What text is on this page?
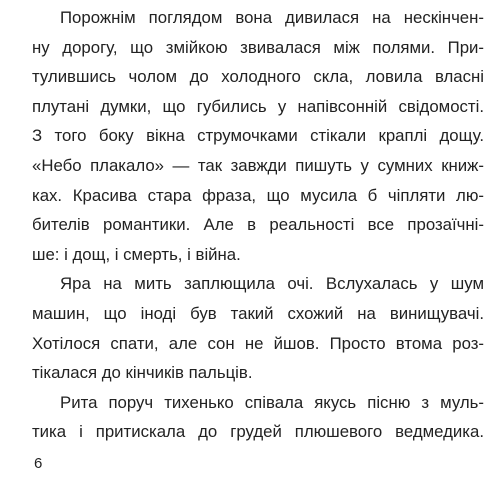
Порожнім поглядом вона дивилася на нескінчен-
ну дорогу, що змійкою звивалася між полями. При-
тулившись чолом до холодного скла, ловила власні
плутані думки, що губились у напівсонній свідомості.
З того боку вікна струмочками стікали краплі дощу.
«Небо плакало» — так завжди пишуть у сумних книж-
ках. Красива стара фраза, що мусила б чіпляти лю-
бителів романтики. Але в реальності все прозаїчні-
ше: і дощ, і смерть, і війна.
Яра на мить заплющила очі. Вслухалась у шум
машин, що іноді був такий схожий на винищувачі.
Хотілося спати, але сон не йшов. Просто втома роз-
тікалася до кінчиків пальців.
Рита поруч тихенько співала якусь пісню з муль-
тика і притискала до грудей плюшевого ведмедика.
6
